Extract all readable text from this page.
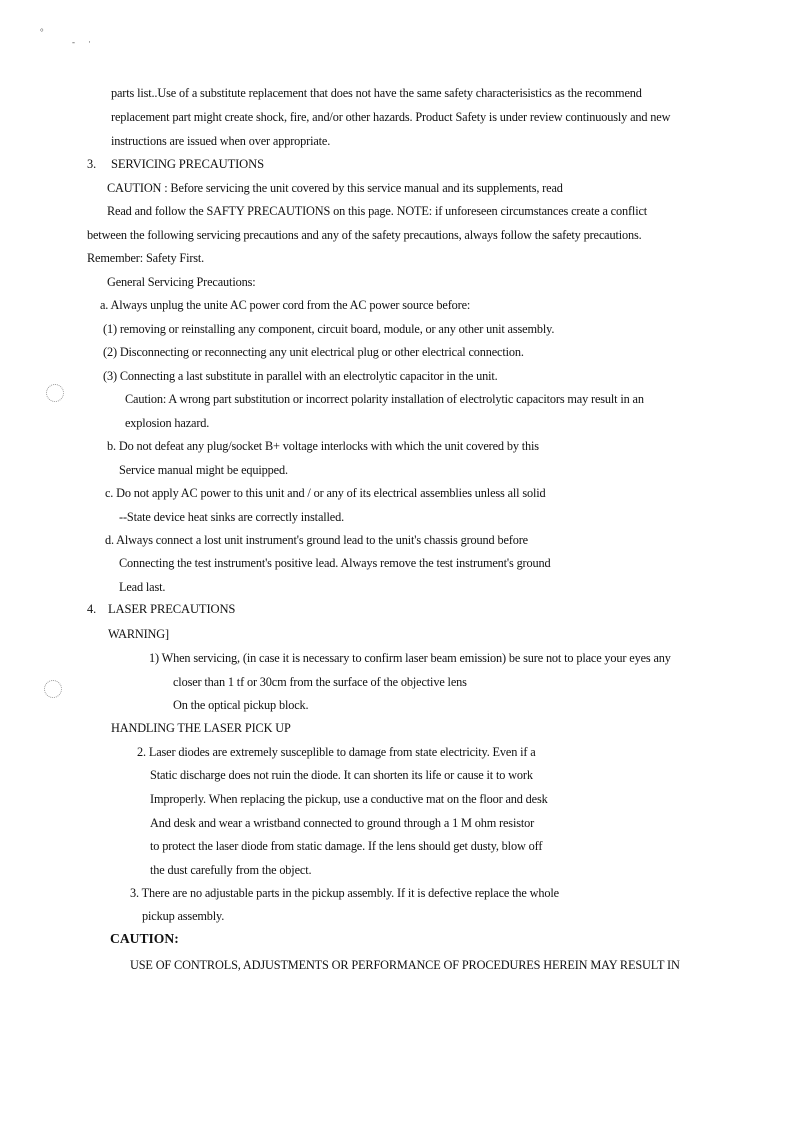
°
- ·
3.
4.
parts list..Use of a substitute replacement that does not have the same safety characterisistics as the recommend
replacement part might create shock, fire, and/or other hazards. Product Safety is under review continuously and new
instructions are issued when over appropriate.
SERVICING PRECAUTIONS
CAUTION : Before servicing the unit covered by this service manual and its supplements, read
Read and follow the SAFTY PRECAUTIONS on this page. NOTE: if unforeseen circumstances create a conflict
between the following servicing precautions and any of the safety precautions, always follow the safety precautions.
Remember: Safety First.
General Servicing Precautions:
a. Always unplug the unite AC power cord from the AC power source before:
(1) removing or reinstalling any component, circuit board, module, or any other unit assembly.
(2) Disconnecting or reconnecting any unit electrical plug or other electrical connection.
(3) Connecting a last substitute in parallel with an electrolytic capacitor in the unit.
Caution: A wrong part substitution or incorrect polarity installation of electrolytic capacitors may result in an
explosion hazard.
b. Do not defeat any plug/socket B+ voltage interlocks with which the unit covered by this
Service manual might be equipped.
c. Do not apply AC power to this unit and / or any of its electrical assemblies unless all solid
--State device heat sinks are correctly installed.
d. Always connect a lost unit instrument's ground lead to the unit's chassis ground before
Connecting the test instrument's positive lead. Always remove the test instrument's ground
Lead last.
LASER PRECAUTIONS
WARNING]
1) When servicing, (in case it is necessary to confirm laser beam emission) be sure not to place your eyes any
closer than 1 tf or 30cm from the surface of the objective lens
On the optical pickup block.
HANDLING THE LASER PICK UP
2. Laser diodes are extremely susceplible to damage from state electricity. Even if a
Static discharge does not ruin the diode. It can shorten its life or cause it to work
Improperly. When replacing the pickup, use a conductive mat on the floor and desk
And desk and wear a wristband connected to ground through a 1 M ohm resistor
to protect the laser diode from static damage. If the lens should get dusty, blow off
the dust carefully from the object.
3. There are no adjustable parts in the pickup assembly. If it is defective replace the whole
pickup assembly.
CAUTION:
USE OF CONTROLS, ADJUSTMENTS OR PERFORMANCE OF PROCEDURES HEREIN MAY RESULT IN
